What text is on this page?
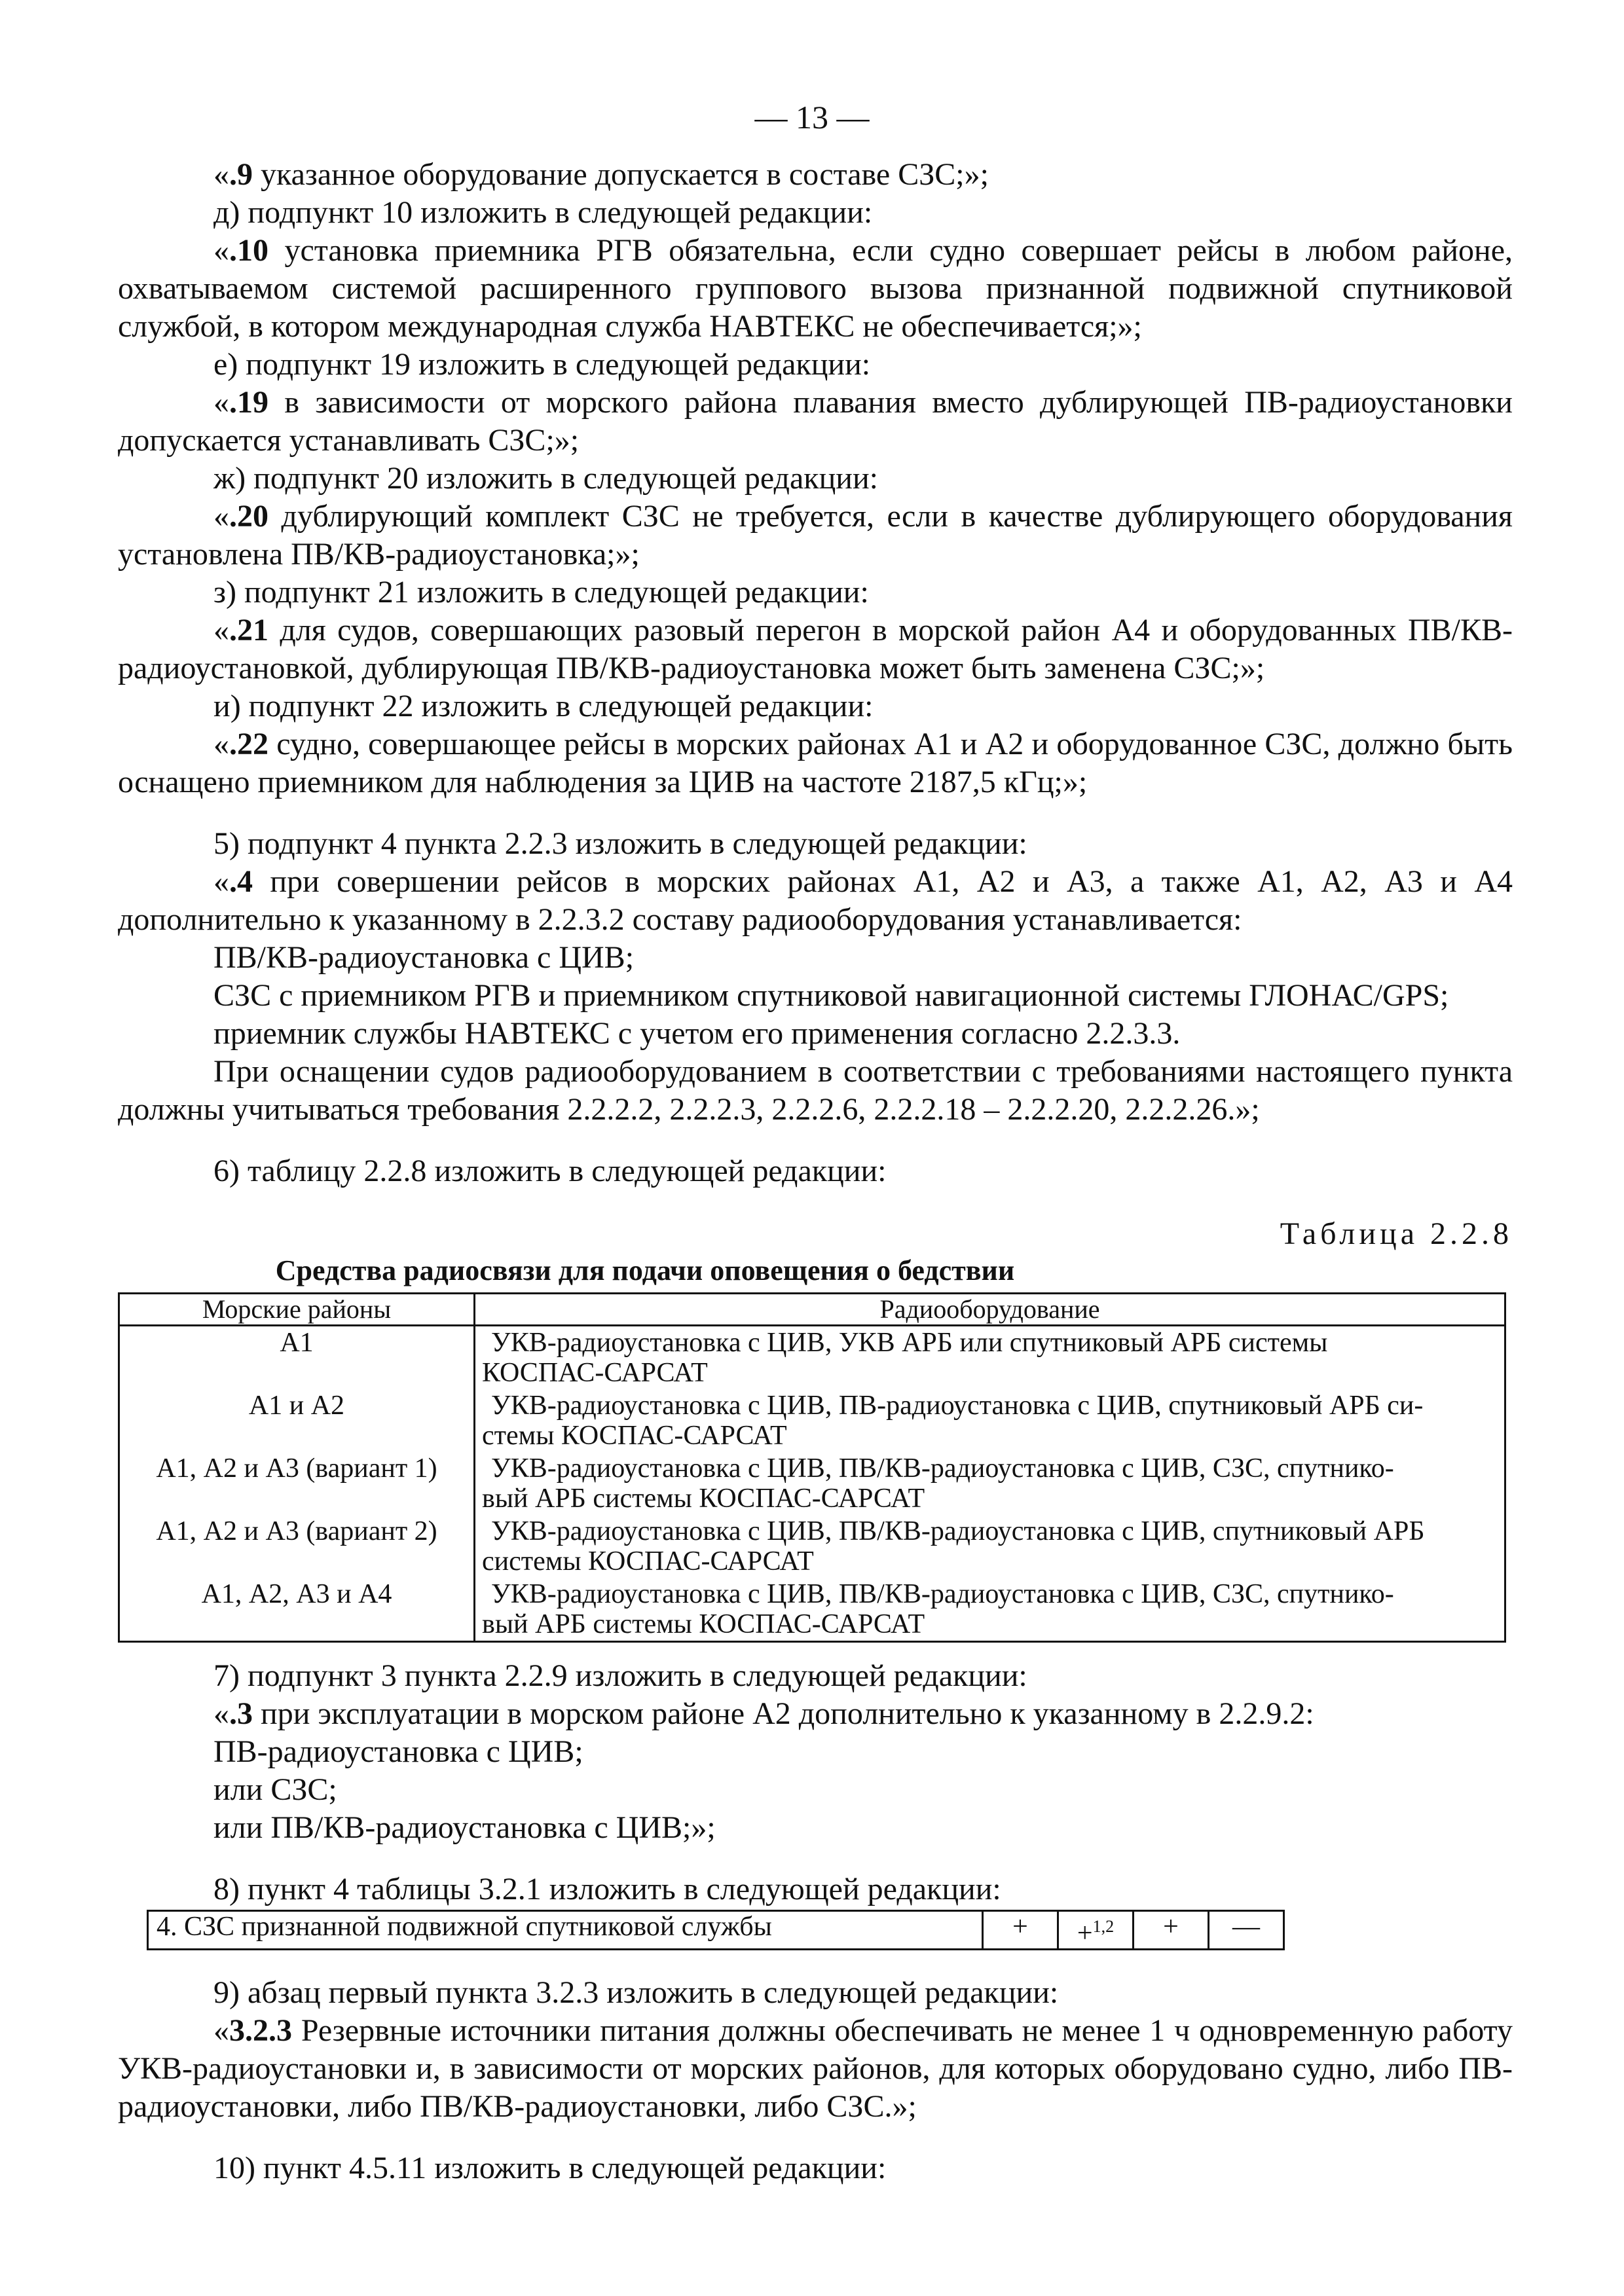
— 13 —

«.9 указанное оборудование допускается в составе СЗС;»;

д) подпункт 10 изложить в следующей редакции:

«.10 установка приемника РГВ обязательна, если судно совершает рейсы в любом районе, охватываемом системой расширенного группового вызова признанной подвижной спутниковой службой, в котором международная служба НАВТЕКС не обеспечивается;»;

е) подпункт 19 изложить в следующей редакции:

«.19 в зависимости от морского района плавания вместо дублирующей ПВ-радиоустановки допускается устанавливать СЗС;»;

ж) подпункт 20 изложить в следующей редакции:

«.20 дублирующий комплект СЗС не требуется, если в качестве дублирующего оборудования установлена ПВ/КВ-радиоустановка;»;

з) подпункт 21 изложить в следующей редакции:

«.21 для судов, совершающих разовый перегон в морской район А4 и оборудованных ПВ/КВ-радиоустановкой, дублирующая ПВ/КВ-радиоустановка может быть заменена СЗС;»;

и) подпункт 22 изложить в следующей редакции:

«.22 судно, совершающее рейсы в морских районах А1 и А2 и оборудованное СЗС, должно быть оснащено приемником для наблюдения за ЦИВ на частоте 2187,5 кГц;»;

5) подпункт 4 пункта 2.2.3 изложить в следующей редакции:

«.4 при совершении рейсов в морских районах А1, А2 и А3, а также А1, А2, А3 и А4 дополнительно к указанному в 2.2.3.2 составу радиооборудования устанавливается:

ПВ/КВ-радиоустановка с ЦИВ;

СЗС с приемником РГВ и приемником спутниковой навигационной системы ГЛОНАС/GPS;

приемник службы НАВТЕКС с учетом его применения согласно 2.2.3.3.

При оснащении судов радиооборудованием в соответствии с требованиями настоящего пункта должны учитываться требования 2.2.2.2, 2.2.2.3, 2.2.2.6, 2.2.2.18 – 2.2.2.20, 2.2.2.26.»;

6) таблицу 2.2.8 изложить в следующей редакции:

Таблица 2.2.8
Средства радиосвязи для подачи оповещения о бедствии
Морские районы	Радиооборудование
А1	УКВ-радиоустановка с ЦИВ, УКВ АРБ или спутниковый АРБ системы
КОСПАС-САРСАТ

А1 и А2	УКВ-радиоустановка с ЦИВ, ПВ-радиоустановка с ЦИВ, спутниковый АРБ си-
стемы КОСПАС-САРСАТ

А1, А2 и А3 (вариант 1)	УКВ-радиоустановка с ЦИВ, ПВ/КВ-радиоустановка с ЦИВ, СЗС, спутнико-
вый АРБ системы КОСПАС-САРСАТ

А1, А2 и А3 (вариант 2)	УКВ-радиоустановка с ЦИВ, ПВ/КВ-радиоустановка с ЦИВ, спутниковый АРБ
системы КОСПАС-САРСАТ

А1, А2, А3 и А4	УКВ-радиоустановка с ЦИВ, ПВ/КВ-радиоустановка с ЦИВ, СЗС, спутнико-
вый АРБ системы КОСПАС-САРСАТ

7) подпункт 3 пункта 2.2.9 изложить в следующей редакции:

«.3 при эксплуатации в морском районе А2 дополнительно к указанному в 2.2.9.2:

ПВ-радиоустановка с ЦИВ;

или СЗС;

или ПВ/КВ-радиоустановка с ЦИВ;»;

8) пункт 4 таблицы 3.2.1 изложить в следующей редакции:

4. СЗС признанной подвижной спутниковой службы	+	+$^{1,2}$	+	—

9) абзац первый пункта 3.2.3 изложить в следующей редакции:

«3.2.3 Резервные источники питания должны обеспечивать не менее 1 ч одновременную работу УКВ-радиоустановки и, в зависимости от морских районов, для которых оборудовано судно, либо ПВ-радиоустановки, либо ПВ/КВ-радиоустановки, либо СЗС.»;

10) пункт 4.5.11 изложить в следующей редакции:
